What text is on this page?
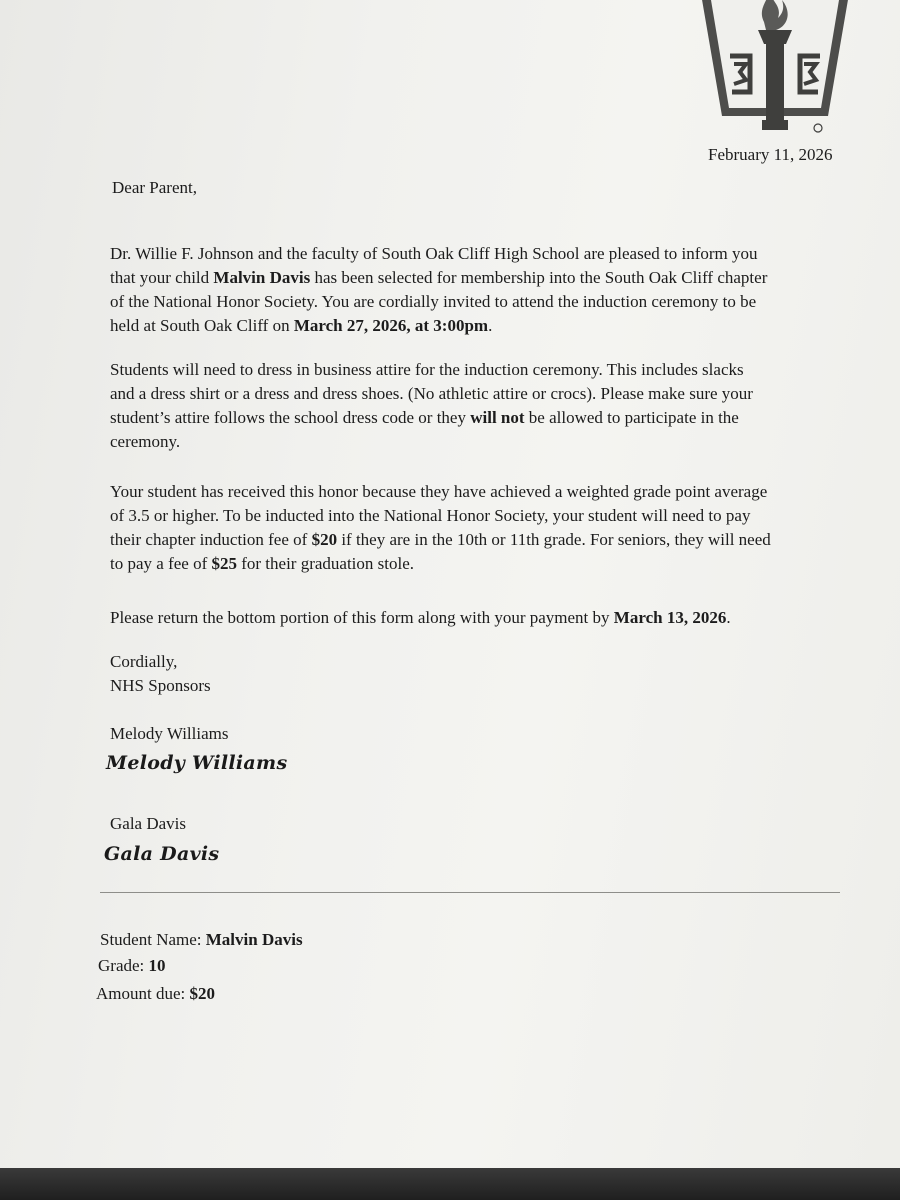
February 11, 2026
Dear Parent,
Dr. Willie F. Johnson and the faculty of South Oak Cliff High School are pleased to inform you
that your child Malvin Davis has been selected for membership into the South Oak Cliff chapter
of the National Honor Society. You are cordially invited to attend the induction ceremony to be
held at South Oak Cliff on March 27, 2026, at 3:00pm.
Students will need to dress in business attire for the induction ceremony. This includes slacks
and a dress shirt or a dress and dress shoes. (No athletic attire or crocs). Please make sure your
student’s attire follows the school dress code or they will not be allowed to participate in the
ceremony.
Your student has received this honor because they have achieved a weighted grade point average
of 3.5 or higher. To be inducted into the National Honor Society, your student will need to pay
their chapter induction fee of $20 if they are in the 10th or 11th grade. For seniors, they will need
to pay a fee of $25 for their graduation stole.
Please return the bottom portion of this form along with your payment by March 13, 2026.
Cordially,
NHS Sponsors
Melody Williams
Melody Williams
Gala Davis
Gala Davis
Student Name: Malvin Davis
Grade: 10
Amount due: $20
